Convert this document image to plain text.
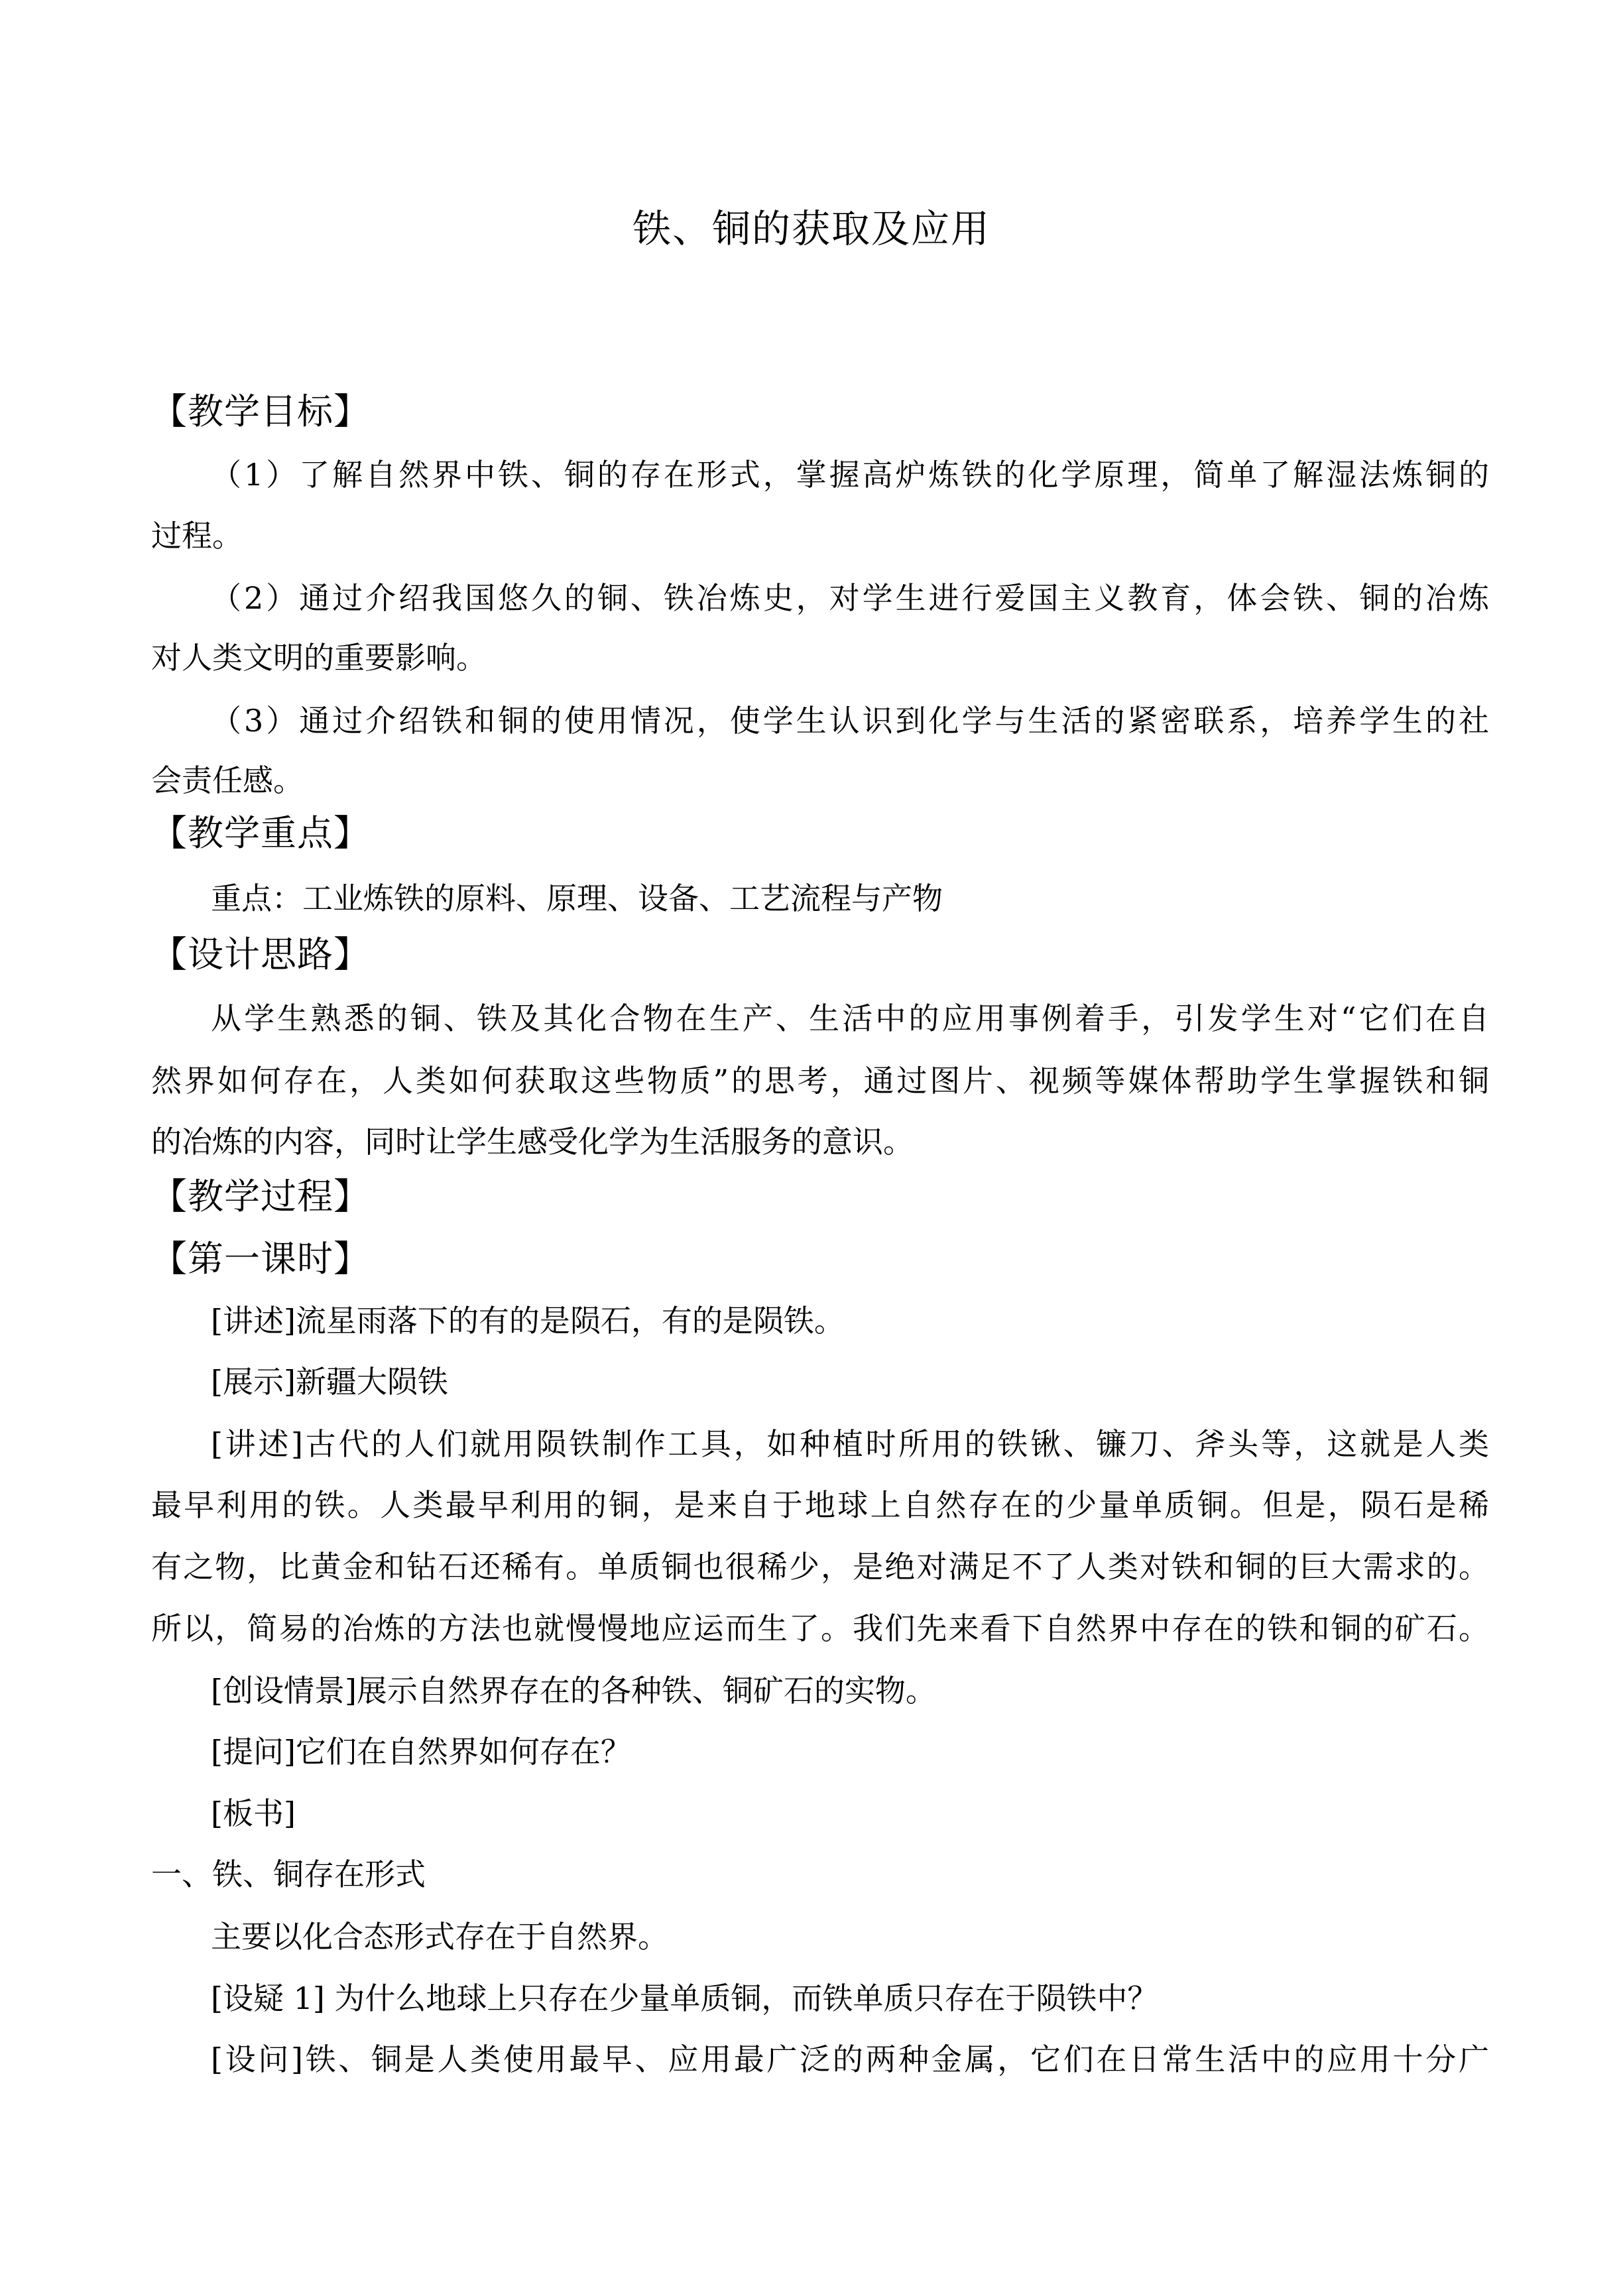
铁、铜的获取及应用
【教学目标】
（1）了解自然界中铁、铜的存在形式，掌握高炉炼铁的化学原理，简单了解湿法炼铜的
过程。
（2）通过介绍我国悠久的铜、铁冶炼史，对学生进行爱国主义教育，体会铁、铜的冶炼
对人类文明的重要影响。
（3）通过介绍铁和铜的使用情况，使学生认识到化学与生活的紧密联系，培养学生的社
会责任感。
【教学重点】
重点：工业炼铁的原料、原理、设备、工艺流程与产物
【设计思路】
从学生熟悉的铜、铁及其化合物在生产、生活中的应用事例着手，引发学生对“它们在自
然界如何存在，人类如何获取这些物质”的思考，通过图片、视频等媒体帮助学生掌握铁和铜
的冶炼的内容，同时让学生感受化学为生活服务的意识。
【教学过程】
【第一课时】
[讲述]流星雨落下的有的是陨石，有的是陨铁。
[展示]新疆大陨铁
[讲述]古代的人们就用陨铁制作工具，如种植时所用的铁锹、镰刀、斧头等，这就是人类
最早利用的铁。人类最早利用的铜，是来自于地球上自然存在的少量单质铜。但是，陨石是稀
有之物，比黄金和钻石还稀有。单质铜也很稀少，是绝对满足不了人类对铁和铜的巨大需求的。
所以，简易的冶炼的方法也就慢慢地应运而生了。我们先来看下自然界中存在的铁和铜的矿石。
[创设情景]展示自然界存在的各种铁、铜矿石的实物。
[提问]它们在自然界如何存在？
[板书]
一、铁、铜存在形式
主要以化合态形式存在于自然界。
[设疑 1] 为什么地球上只存在少量单质铜，而铁单质只存在于陨铁中？
[设问]铁、铜是人类使用最早、应用最广泛的两种金属，它们在日常生活中的应用十分广
